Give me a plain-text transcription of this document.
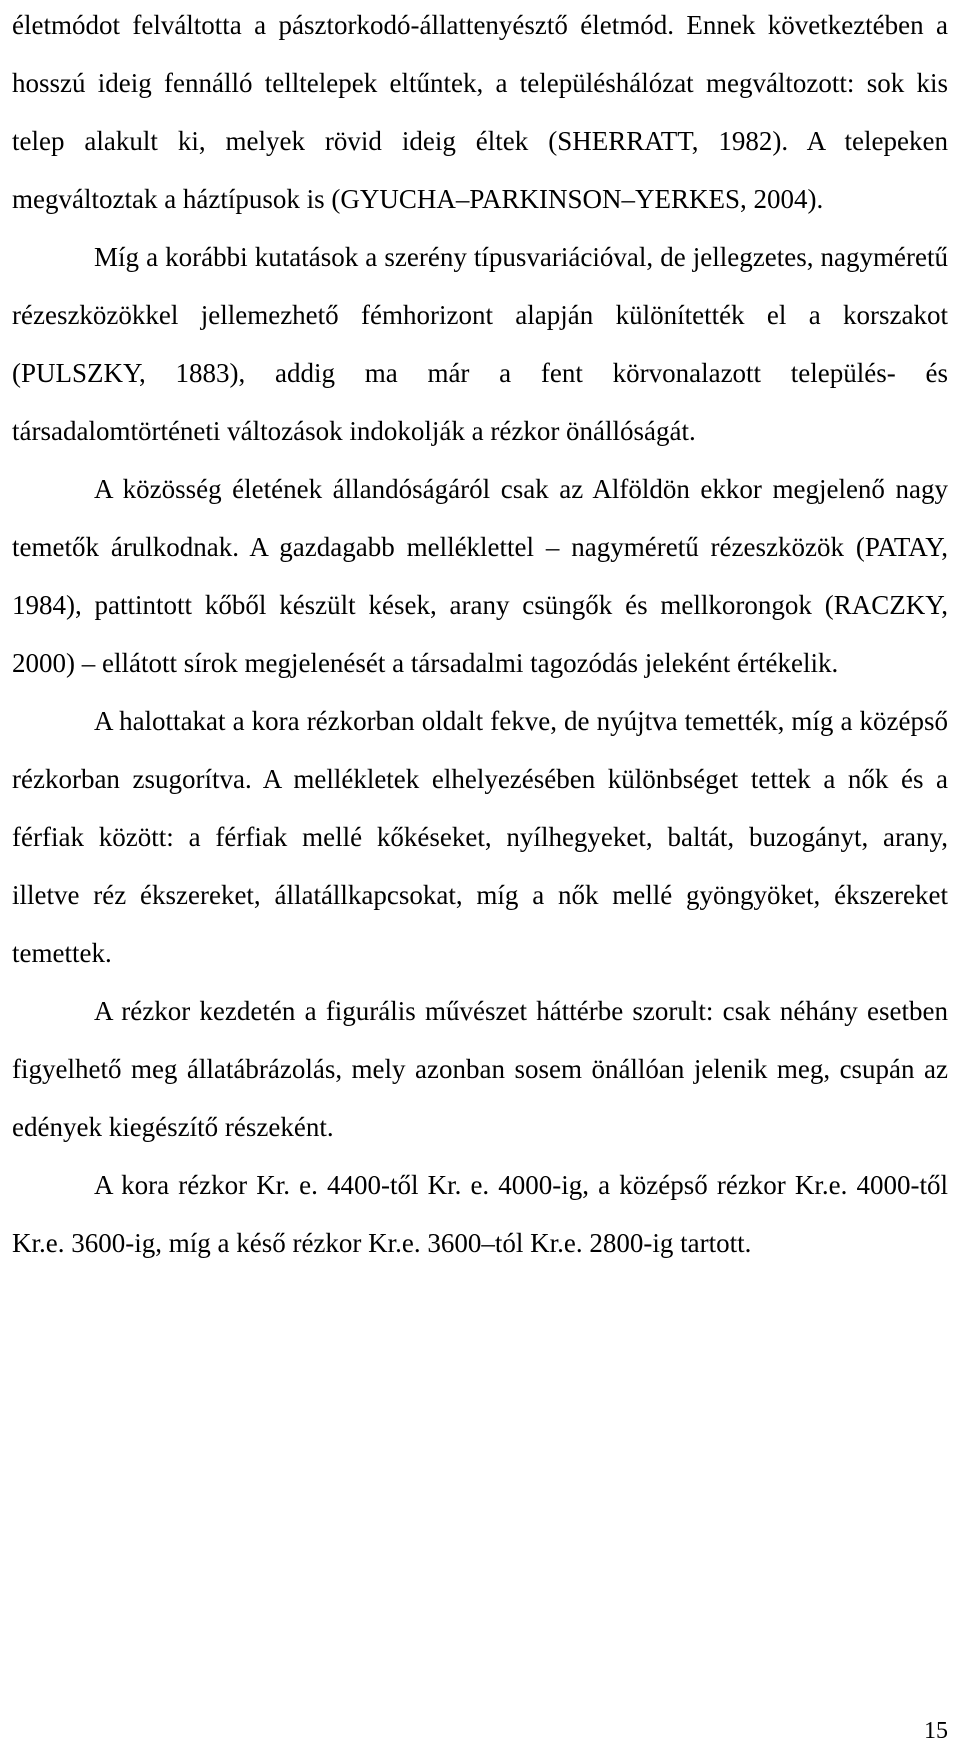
életmódot felváltotta a pásztorkodó-állattenyésztő életmód. Ennek következtében a hosszú ideig fennálló telltelepek eltűntek, a településhálózat megváltozott: sok kis telep alakult ki, melyek rövid ideig éltek (SHERRATT, 1982). A telepeken megváltoztak a háztípusok is (GYUCHA–PARKINSON–YERKES, 2004).

Míg a korábbi kutatások a szerény típusvariációval, de jellegzetes, nagyméretű rézeszközökkel jellemezhető fémhorizont alapján különítették el a korszakot (PULSZKY, 1883), addig ma már a fent körvonalazott település- és társadalomtörténeti változások indokolják a rézkor önállóságát.

A közösség életének állandóságáról csak az Alföldön ekkor megjelenő nagy temetők árulkodnak. A gazdagabb melléklettel – nagyméretű rézeszközök (PATAY, 1984), pattintott kőből készült kések, arany csüngők és mellkorongok (RACZKY, 2000) – ellátott sírok megjelenését a társadalmi tagozódás jeleként értékelik.

A halottakat a kora rézkorban oldalt fekve, de nyújtva temették, míg a középső rézkorban zsugorítva. A mellékletek elhelyezésében különbséget tettek a nők és a férfiak között: a férfiak mellé kőkéseket, nyílhegyeket, baltát, buzogányt, arany, illetve réz ékszereket, állatállkapcsokat, míg a nők mellé gyöngyöket, ékszereket temettek.

A rézkor kezdetén a figurális művészet háttérbe szorult: csak néhány esetben figyelhető meg állatábrázolás, mely azonban sosem önállóan jelenik meg, csupán az edények kiegészítő részeként.

A kora rézkor Kr. e. 4400-től Kr. e. 4000-ig, a középső rézkor Kr.e. 4000-től Kr.e. 3600-ig, míg a késő rézkor Kr.e. 3600–tól Kr.e. 2800-ig tartott.

15
